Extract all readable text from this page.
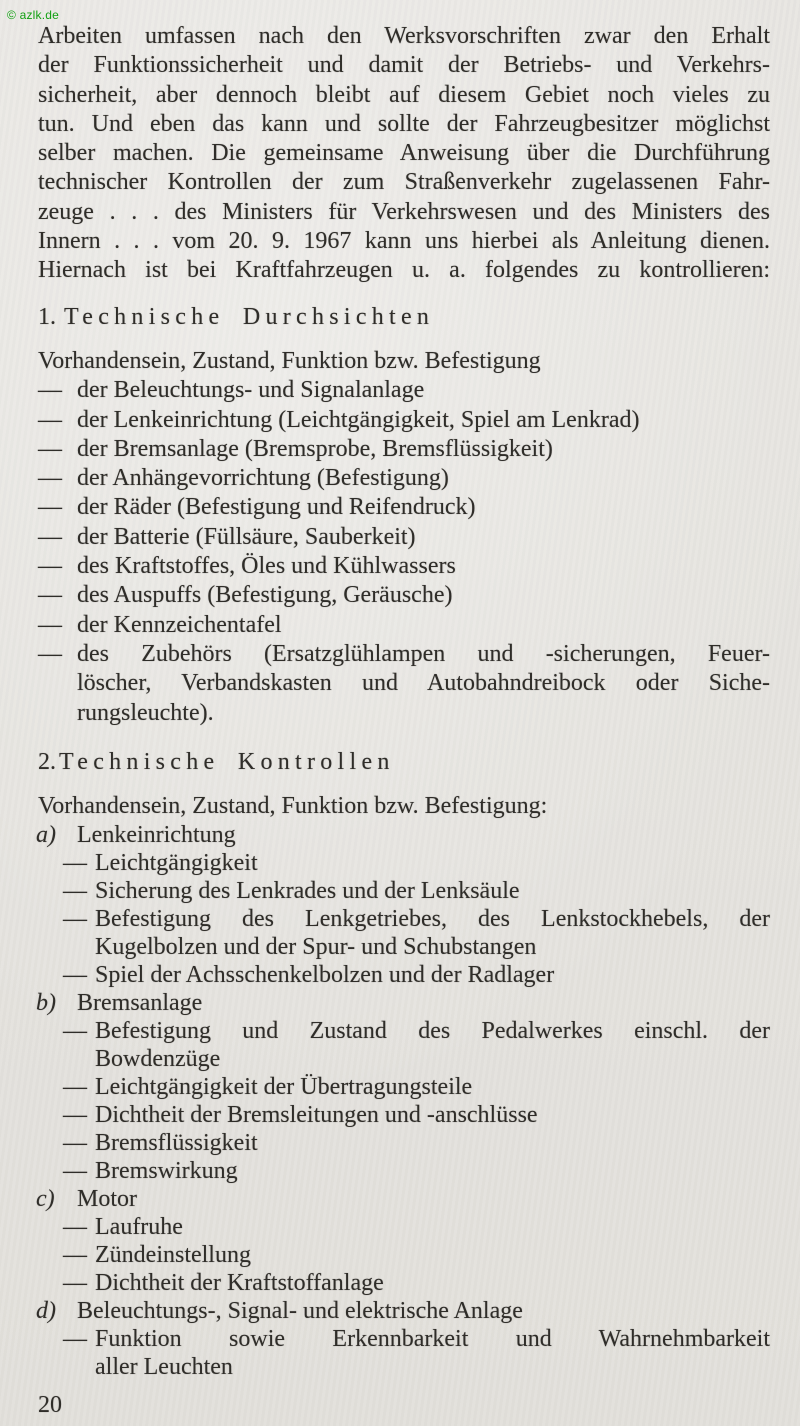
© azlk.de
Arbeiten umfassen nach den Werksvorschriften zwar den Erhalt
der Funktionssicherheit und damit der Betriebs- und Verkehrs-
sicherheit, aber dennoch bleibt auf diesem Gebiet noch vieles zu
tun. Und eben das kann und sollte der Fahrzeugbesitzer möglichst
selber machen. Die gemeinsame Anweisung über die Durchführung
technischer Kontrollen der zum Straßenverkehr zugelassenen Fahr-
zeuge . . . des Ministers für Verkehrswesen und des Ministers des
Innern . . . vom 20. 9. 1967 kann uns hierbei als Anleitung dienen.
Hiernach ist bei Kraftfahrzeugen u. a. folgendes zu kontrollieren:
1. Technische Durchsichten
Vorhandensein, Zustand, Funktion bzw. Befestigung
— der Beleuchtungs- und Signalanlage
— der Lenkeinrichtung (Leichtgängigkeit, Spiel am Lenkrad)
— der Bremsanlage (Bremsprobe, Bremsflüssigkeit)
— der Anhängevorrichtung (Befestigung)
— der Räder (Befestigung und Reifendruck)
— der Batterie (Füllsäure, Sauberkeit)
— des Kraftstoffes, Öles und Kühlwassers
— des Auspuffs (Befestigung, Geräusche)
— der Kennzeichentafel
— des Zubehörs (Ersatzglühlampen und -sicherungen, Feuer-
löscher, Verbandskasten und Autobahndreibock oder Siche-
rungsleuchte).
2. Technische Kontrollen
Vorhandensein, Zustand, Funktion bzw. Befestigung:
a) Lenkeinrichtung
— Leichtgängigkeit
— Sicherung des Lenkrades und der Lenksäule
— Befestigung des Lenkgetriebes, des Lenkstockhebels, der
Kugelbolzen und der Spur- und Schubstangen
— Spiel der Achsschenkelbolzen und der Radlager
b) Bremsanlage
— Befestigung und Zustand des Pedalwerkes einschl. der
Bowdenzüge
— Leichtgängigkeit der Übertragungsteile
— Dichtheit der Bremsleitungen und -anschlüsse
— Bremsflüssigkeit
— Bremswirkung
c) Motor
— Laufruhe
— Zündeinstellung
— Dichtheit der Kraftstoffanlage
d) Beleuchtungs-, Signal- und elektrische Anlage
— Funktion sowie Erkennbarkeit und Wahrnehmbarkeit
aller Leuchten
20
